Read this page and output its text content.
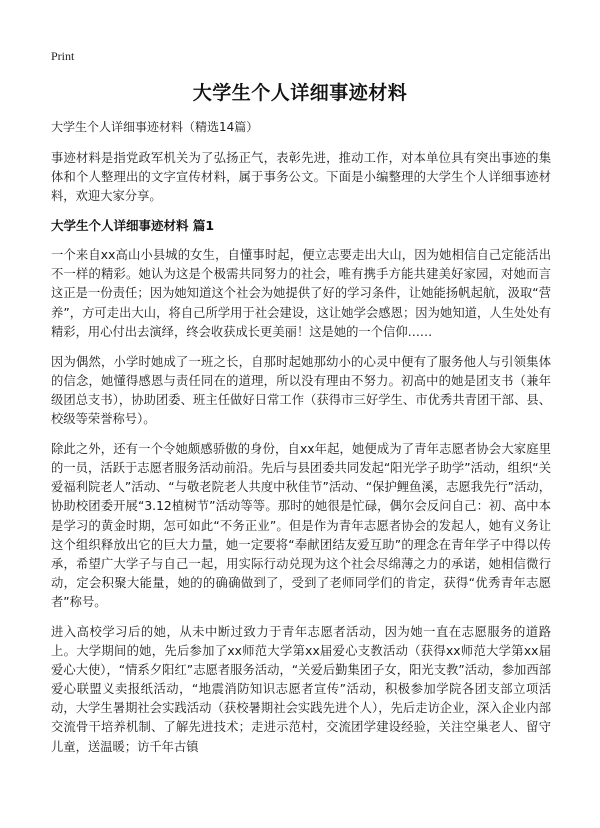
Print
大学生个人详细事迹材料

大学生个人详细事迹材料（精选14篇）

事迹材料是指党政军机关为了弘扬正气，表彰先进，推动工作，对本单位具有突出事迹的集体和个人整理出的文字宣传材料，属于事务公文。下面是小编整理的大学生个人详细事迹材料，欢迎大家分享。

大学生个人详细事迹材料 篇1

一个来自xx高山小县城的女生，自懂事时起，便立志要走出大山，因为她相信自己定能活出不一样的精彩。她认为这是个极需共同努力的社会，唯有携手方能共建美好家园，对她而言这正是一份责任；因为她知道这个社会为她提供了好的学习条件，让她能扬帆起航，汲取“营养”，方可走出大山，将自己所学用于社会建设，这让她学会感恩；因为她知道，人生处处有精彩，用心付出去演绎，终会收获成长更美丽！这是她的一个信仰……

因为偶然，小学时她成了一班之长，自那时起她那幼小的心灵中便有了服务他人与引领集体的信念，她懂得感恩与责任同在的道理，所以没有理由不努力。初高中的她是团支书（兼年级团总支书），协助团委、班主任做好日常工作（获得市三好学生、市优秀共青团干部、县、校级等荣誉称号）。

除此之外，还有一个令她颇感骄傲的身份，自xx年起，她便成为了青年志愿者协会大家庭里的一员，活跃于志愿者服务活动前沿。先后与县团委共同发起“阳光学子助学”活动，组织“关爱福利院老人”活动、“与敬老院老人共度中秋佳节”活动、“保护鲤鱼溪，志愿我先行”活动，协助校团委开展“3.12植树节”活动等等。那时的她很是忙碌，偶尔会反问自己：初、高中本是学习的黄金时期，怎可如此“不务正业”。但是作为青年志愿者协会的发起人，她有义务让这个组织释放出它的巨大力量，她一定要将“奉献团结友爱互助”的理念在青年学子中得以传承，希望广大学子与自己一起，用实际行动兑现为这个社会尽绵薄之力的承诺，她相信微行动，定会积聚大能量，她的的确确做到了，受到了老师同学们的肯定，获得“优秀青年志愿者”称号。

进入高校学习后的她，从未中断过致力于青年志愿者活动，因为她一直在志愿服务的道路上。大学期间的她，先后参加了xx师范大学第xx届爱心支教活动（获得xx师范大学第xx届爱心大使），“情系夕阳红”志愿者服务活动，“关爱后勤集团子女，阳光支教”活动，参加西部爱心联盟义卖报纸活动，“地震消防知识志愿者宣传”活动，积极参加学院各团支部立项活动，大学生暑期社会实践活动（获校暑期社会实践先进个人），先后走访企业，深入企业内部交流骨干培养机制、了解先进技术；走进示范村，交流团学建设经验，关注空巢老人、留守儿童，送温暖；访千年古镇
